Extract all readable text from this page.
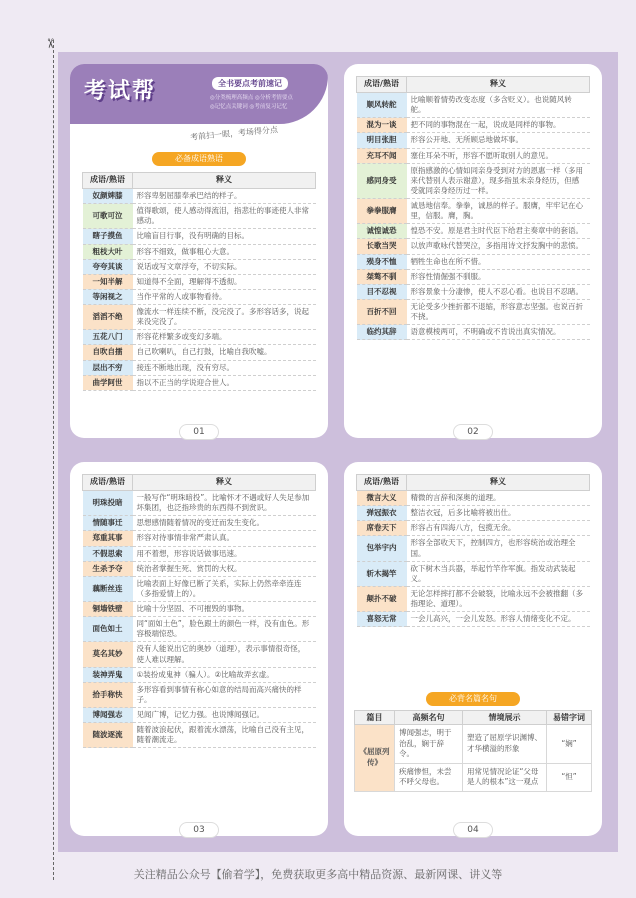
✂
考试帮	全书要点考前速记
◎分类梳理高频点 ◎分析考情要点
◎记忆点关键词 ◎考前复习记忆
考前扫一眼，考场得分点
必备成语熟语
成语/熟语	释义
奴颜婢膝	形容卑躬屈膝奉承巴结的样子。
可歌可泣	值得歌颂，使人感动得流泪，指悲壮的事迹使人非常感动。
瞎子摸鱼	比喻盲目行事，没有明确的目标。
粗枝大叶	形容不细致，做事粗心大意。
夸夸其谈	说话或写文章浮夸，不切实际。
一知半解	知道得不全面，理解得不透彻。
等闲视之	当作平常的人或事物看待。
滔滔不绝	像流水一样连续不断，没完没了。多形容话多，说起来没完没了。
五花八门	形容花样繁多或变幻多端。
自吹自擂	自己吹喇叭，自己打鼓，比喻自我吹嘘。
层出不穷	接连不断地出现，没有穷尽。
曲学阿世	指以不正当的学说迎合世人。
成语/熟语	释义
顺风转舵	比喻顺着情势改变态度（多含贬义）。也说随风转舵。
混为一谈	把不同的事物混在一起，说成是同样的事物。
明目张胆	形容公开地、无所顾忌地做坏事。
充耳不闻	塞住耳朵不听，形容不愿听取别人的意见。
感同身受	原指感激的心情如同亲身受到对方的恩惠一样（多用来代替别人表示谢意），现多指虽未亲身经历，但感受就同亲身经历过一样。
拳拳服膺	诚恳地信奉。拳拳，诚恳的样子。服膺，牢牢记在心里，信服。膺，胸。
诚惶诚恐	惶恐不安。原是君主时代臣下给君主奏章中的套语。
长歌当哭	以放声歌咏代替哭泣，多指用诗文抒发胸中的悲愤。
殒身不恤	牺牲生命也在所不惜。
桀骜不驯	形容性情倔强不驯服。
目不忍视	形容景象十分凄惨，使人不忍心看。也说目不忍睹。
百折不回	无论受多少挫折都不退缩，形容意志坚强。也说百折不挠。
临约其辞	语意模棱两可，不明确或不肯说出真实情况。
成语/熟语	释义
明珠投暗	一般写作“明珠暗投”。比喻怀才不遇或好人失足参加坏集团，也泛指珍贵的东西得不到赏识。
情随事迁	思想感情随着情况的变迁而发生变化。
郑重其事	形容对待事情非常严肃认真。
不假思索	用不着想，形容说话做事迅速。
生杀予夺	统治者掌握生死、赏罚的大权。
藕断丝连	比喻表面上好像已断了关系，实际上仍然牵牵连连（多指爱情上的）。
铜墙铁壁	比喻十分坚固、不可摧毁的事物。
面色如土	同“面如土色”，脸色跟土的颜色一样，没有血色。形容极端惊恐。
莫名其妙	没有人能说出它的奥妙（道理），表示事情很奇怪，使人难以理解。
装神弄鬼	①装扮成鬼神（骗人）。②比喻故弄玄虚。
拾手称快	多形容看到事情有称心如意的结局而高兴痛快的样子。
博闻强志	见闻广博，记忆力强。也说博闻强记。
随波逐流	随着波浪起伏，跟着流水漂荡，比喻自己没有主见，随着潮流走。
成语/熟语	释义
微言大义	精微的言辞和深奥的道理。
弹冠振衣	整洁衣冠，后多比喻将被出仕。
席卷天下	形容占有四海八方，包揽无余。
包举宇内	形容全部收天下，控制四方，也形容统治或治理全国。
斩木揭竿	砍下树木当兵器，举起竹竿作军旗。指发动武装起义。
颠扑不破	无论怎样摔打都不会破裂，比喻永远不会被推翻（多指理论、道理）。
喜怒无常	一会儿高兴，一会儿发怒。形容人情绪变化不定。
必背名篇名句
篇目	高频名句	情境展示	易错字词
《屈原列传》	博闻强志，明于治乱，娴于辞令。	塑造了屈原学识渊博、才华横溢的形象	“娴”
	疾痛惨怛，未尝不呼父母也。	用常见情况论证“父母是人的根本”这一观点	“怛”
01	02
03	04
关注精品公众号【偷着学】，免费获取更多高中精品资源、最新网课、讲义等
